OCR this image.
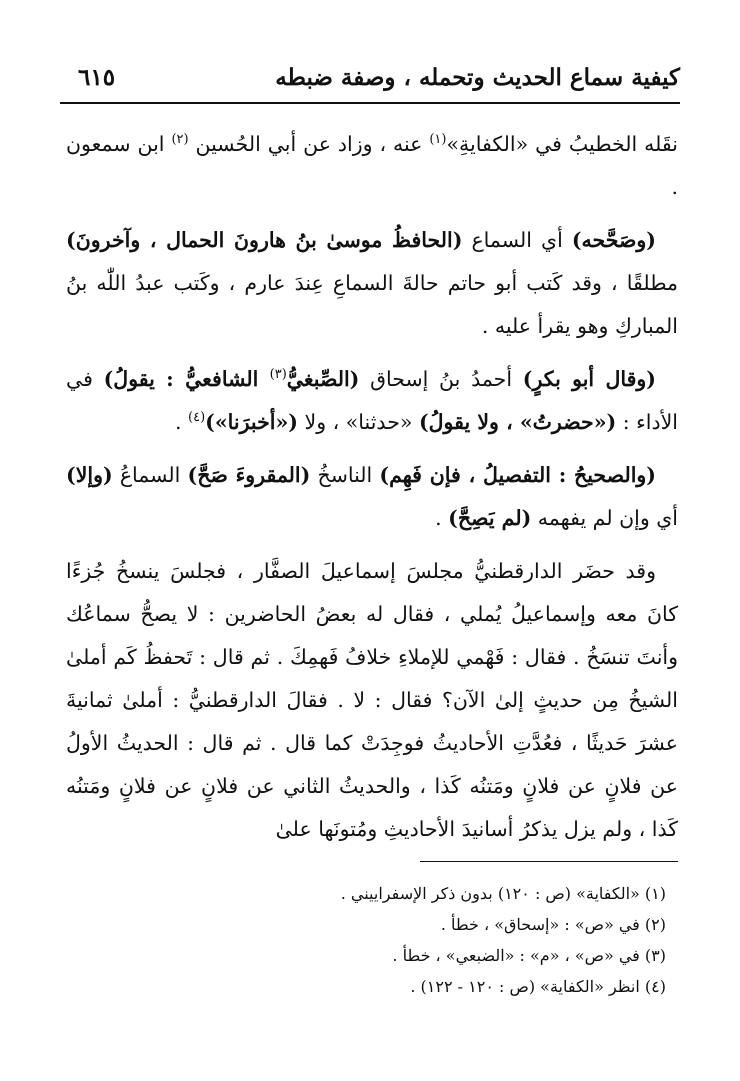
كيفية سماع الحديث وتحمله ، وصفة ضبطه
٦١٥

نقَله الخطيبُ في «الكفايةِ»$^{(١)}$ عنه ، وزاد عن أبي الحُسين $^{(٢)}$ ابن سمعون .

(وصَحَّحه) أي السماع (الحافظُ موسىٰ بنُ هارونَ الحمال ، وآخرونَ) مطلقًا ، وقد كَتب أبو حاتم حالةَ السماعِ عِندَ عارم ، وكَتب عبدُ اللّٰه بنُ المباركِ وهو يقرأ عليه .

(وقال أبو بكرٍ) أحمدُ بنُ إسحاق (الصِّبغيُّ$^{(٣)}$ الشافعيُّ : يقولُ) في الأداء : («حضرتُ» ، ولا يقولُ) «حدثنا» ، ولا («أخبرَنا»)$^{(٤)}$ .

(والصحيحُ : التفصيلُ ، فإن فَهِم) الناسخُ (المقروءَ صَحَّ) السماعُ (وإلا) أي وإن لم يفهمه (لم يَصِحَّ) .

وقد حضَر الدارقطنيُّ مجلسَ إسماعيلَ الصفَّار ، فجلسَ ينسخُ جُزءًا كانَ معه وإسماعيلُ يُملي ، فقال له بعضُ الحاضرين : لا يصحُّ سماعُك وأنتَ تنسَخُ . فقال : فَهْمي للإملاءِ خلافُ فَهمِكَ . ثم قال : تَحفظُ كَم أملىٰ الشيخُ مِن حديثٍ إلىٰ الآن؟ فقال : لا . فقالَ الدارقطنيُّ : أملىٰ ثمانيةَ عشرَ حَديثًا ، فعُدَّتِ الأحاديثُ فوجِدَتْ كما قال . ثم قال : الحديثُ الأولُ عن فلانٍ عن فلانٍ ومَتنُه كَذا ، والحديثُ الثاني عن فلانٍ عن فلانٍ ومَتنُه كَذا ، ولم يزل يذكرُ أسانيدَ الأحاديثِ ومُتونَها علىٰ

(١) «الكفاية» (ص : ١٢٠) بدون ذكر الإسفراييني .
(٢) في «ص» : «إسحاق» ، خطأ .
(٣) في «ص» ، «م» : «الضبعي» ، خطأ .
(٤) انظر «الكفاية» (ص : ١٢٠ - ١٢٢) .
